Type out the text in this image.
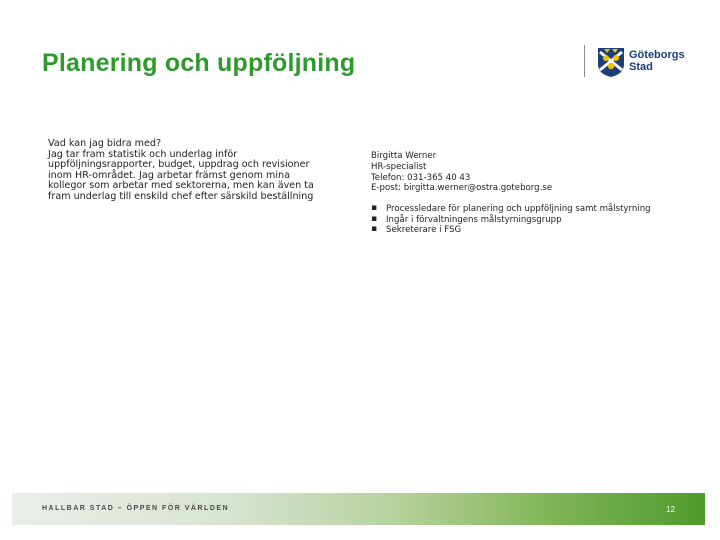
Planering och uppföljning	Göteborgs
Stad
Vad kan jag bidra med?
Jag tar fram statistik och underlag inför uppföljningsrapporter, budget, uppdrag och revisioner inom HR-området. Jag arbetar främst genom mina kollegor som arbetar med sektorerna, men kan även ta fram underlag till enskild chef efter särskild beställning
Birgitta Werner
HR-specialist
Telefon: 031-365 40 43
E-post: birgitta.werner@ostra.goteborg.se
▪ Processledare för planering och uppföljning samt målstyrning
▪ Ingår i förvaltningens målstyrningsgrupp
▪ Sekreterare i FSG
HALLBAR STAD – ÖPPEN FÖR VÄRLDEN	12
